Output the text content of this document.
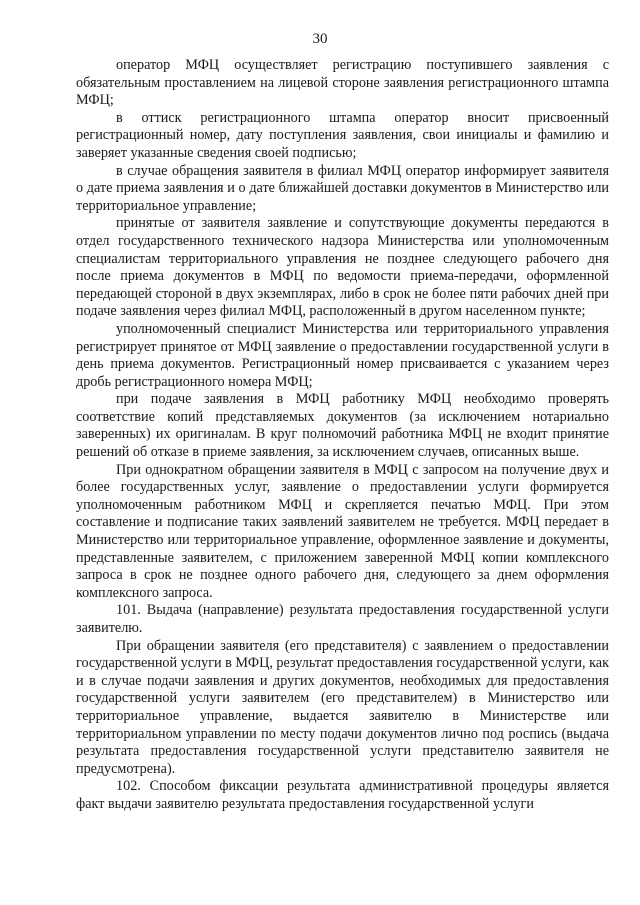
30

оператор МФЦ осуществляет регистрацию поступившего заявления с обязательным проставлением на лицевой стороне заявления регистрационного штампа МФЦ;

в оттиск регистрационного штампа оператор вносит присвоенный регистрационный номер, дату поступления заявления, свои инициалы и фамилию и заверяет указанные сведения своей подписью;

в случае обращения заявителя в филиал МФЦ оператор информирует заявителя о дате приема заявления и о дате ближайшей доставки документов в Министерство или территориальное управление;

принятые от заявителя заявление и сопутствующие документы передаются в отдел государственного технического надзора Министерства или уполномоченным специалистам территориального управления не позднее следующего рабочего дня после приема документов в МФЦ по ведомости приема-передачи, оформленной передающей стороной в двух экземплярах, либо в срок не более пяти рабочих дней при подаче заявления через филиал МФЦ, расположенный в другом населенном пункте;

уполномоченный специалист Министерства или территориального управления регистрирует принятое от МФЦ заявление о предоставлении государственной услуги в день приема документов. Регистрационный номер присваивается с указанием через дробь регистрационного номера МФЦ;

при подаче заявления в МФЦ работнику МФЦ необходимо проверять соответствие копий представляемых документов (за исключением нотариально заверенных) их оригиналам. В круг полномочий работника МФЦ не входит принятие решений об отказе в приеме заявления, за исключением случаев, описанных выше.

При однократном обращении заявителя в МФЦ с запросом на получение двух и более государственных услуг, заявление о предоставлении услуги формируется уполномоченным работником МФЦ и скрепляется печатью МФЦ. При этом составление и подписание таких заявлений заявителем не требуется. МФЦ передает в Министерство или территориальное управление, оформленное заявление и документы, представленные заявителем, с приложением заверенной МФЦ копии комплексного запроса в срок не позднее одного рабочего дня, следующего за днем оформления комплексного запроса.

101. Выдача (направление) результата предоставления государственной услуги заявителю.

При обращении заявителя (его представителя) с заявлением о предоставлении государственной услуги в МФЦ, результат предоставления государственной услуги, как и в случае подачи заявления и других документов, необходимых для предоставления государственной услуги заявителем (его представителем) в Министерство или территориальное управление, выдается заявителю в Министерстве или территориальном управлении по месту подачи документов лично под роспись (выдача результата предоставления государственной услуги представителю заявителя не предусмотрена).

102. Способом фиксации результата административной процедуры является факт выдачи заявителю результата предоставления государственной услуги
